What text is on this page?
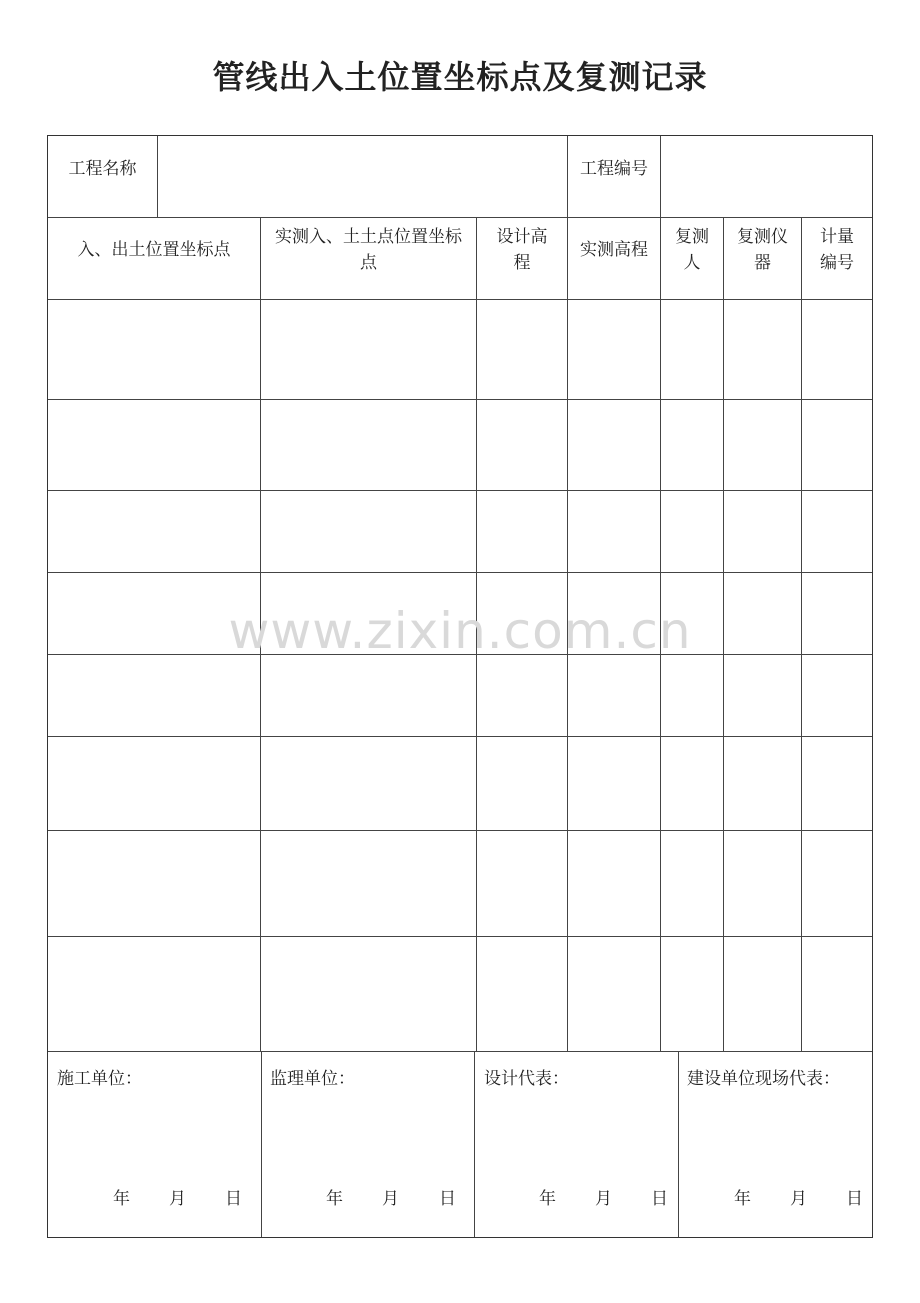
管线出入土位置坐标点及复测记录
工程名称	工程编号
入、出土位置坐标点
实测入、土土点位置坐标
点
设计高
程
实测高程
复测
人
复测仪
器
计量
编号
施工单位：
年 月 日
监理单位：
年 月 日
设计代表：
年 月 日
建设单位现场代表：
年 月 日
www.zixin.com.cn
